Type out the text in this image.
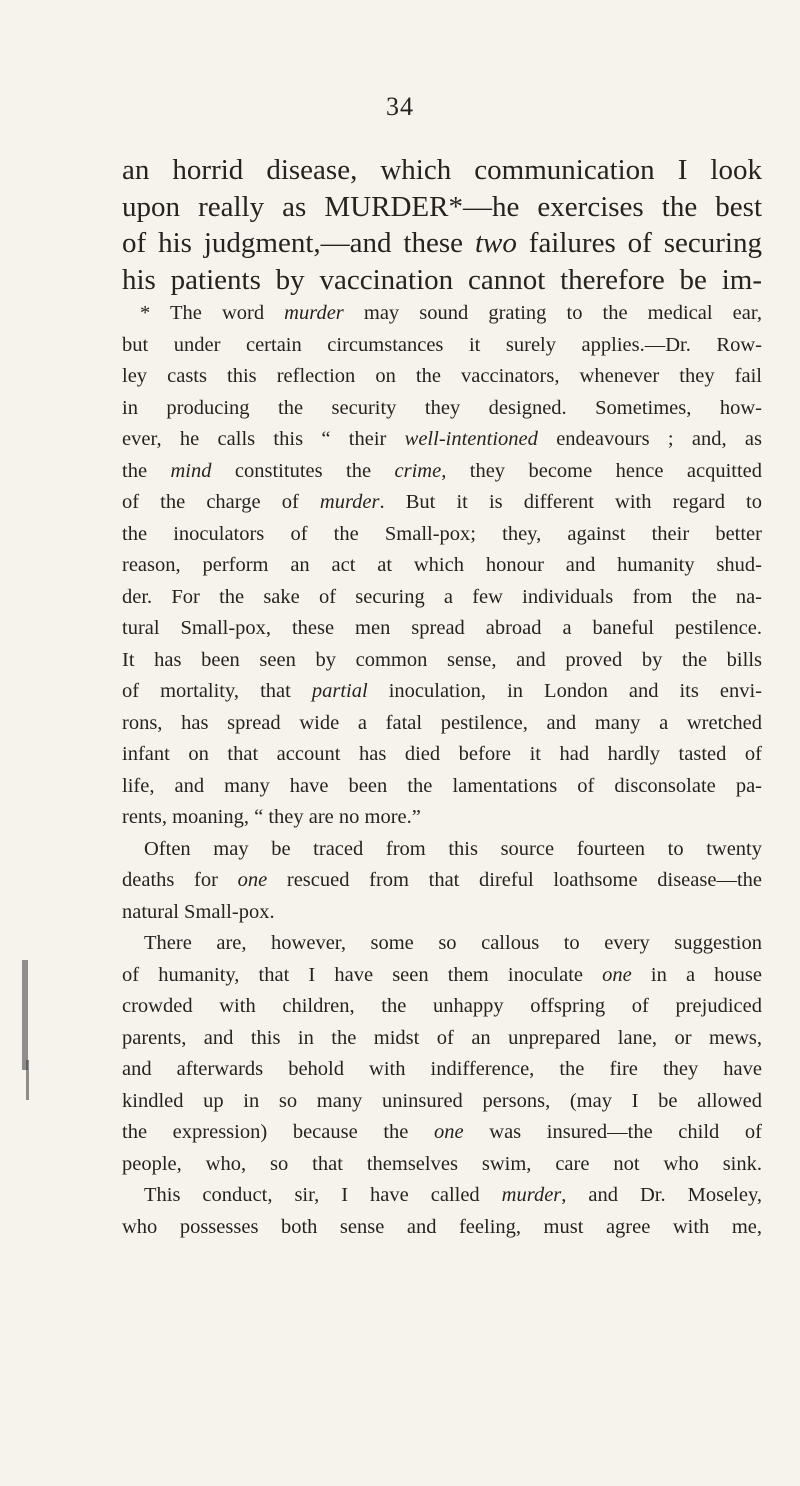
34
an horrid disease, which communication I look
upon really as MURDER*—he exercises the best
of his judgment,—and these two failures of securing
his patients by vaccination cannot therefore be im-
* The word murder may sound grating to the medical ear,
but under certain circumstances it surely applies.—Dr. Row-
ley casts this reflection on the vaccinators, whenever they fail
in producing the security they designed. Sometimes, how-
ever, he calls this “ their well-intentioned endeavours ; and, as
the mind constitutes the crime, they become hence acquitted
of the charge of murder. But it is different with regard to
the inoculators of the Small-pox; they, against their better
reason, perform an act at which honour and humanity shud-
der. For the sake of securing a few individuals from the na-
tural Small-pox, these men spread abroad a baneful pestilence.
It has been seen by common sense, and proved by the bills
of mortality, that partial inoculation, in London and its envi-
rons, has spread wide a fatal pestilence, and many a wretched
infant on that account has died before it had hardly tasted of
life, and many have been the lamentations of disconsolate pa-
rents, moaning, “ they are no more.”
Often may be traced from this source fourteen to twenty
deaths for one rescued from that direful loathsome disease—the
natural Small-pox.
There are, however, some so callous to every suggestion
of humanity, that I have seen them inoculate one in a house
crowded with children, the unhappy offspring of prejudiced
parents, and this in the midst of an unprepared lane, or mews,
and afterwards behold with indifference, the fire they have
kindled up in so many uninsured persons, (may I be allowed
the expression) because the one was insured—the child of
people, who, so that themselves swim, care not who sink.
This conduct, sir, I have called murder, and Dr. Moseley,
who possesses both sense and feeling, must agree with me,
